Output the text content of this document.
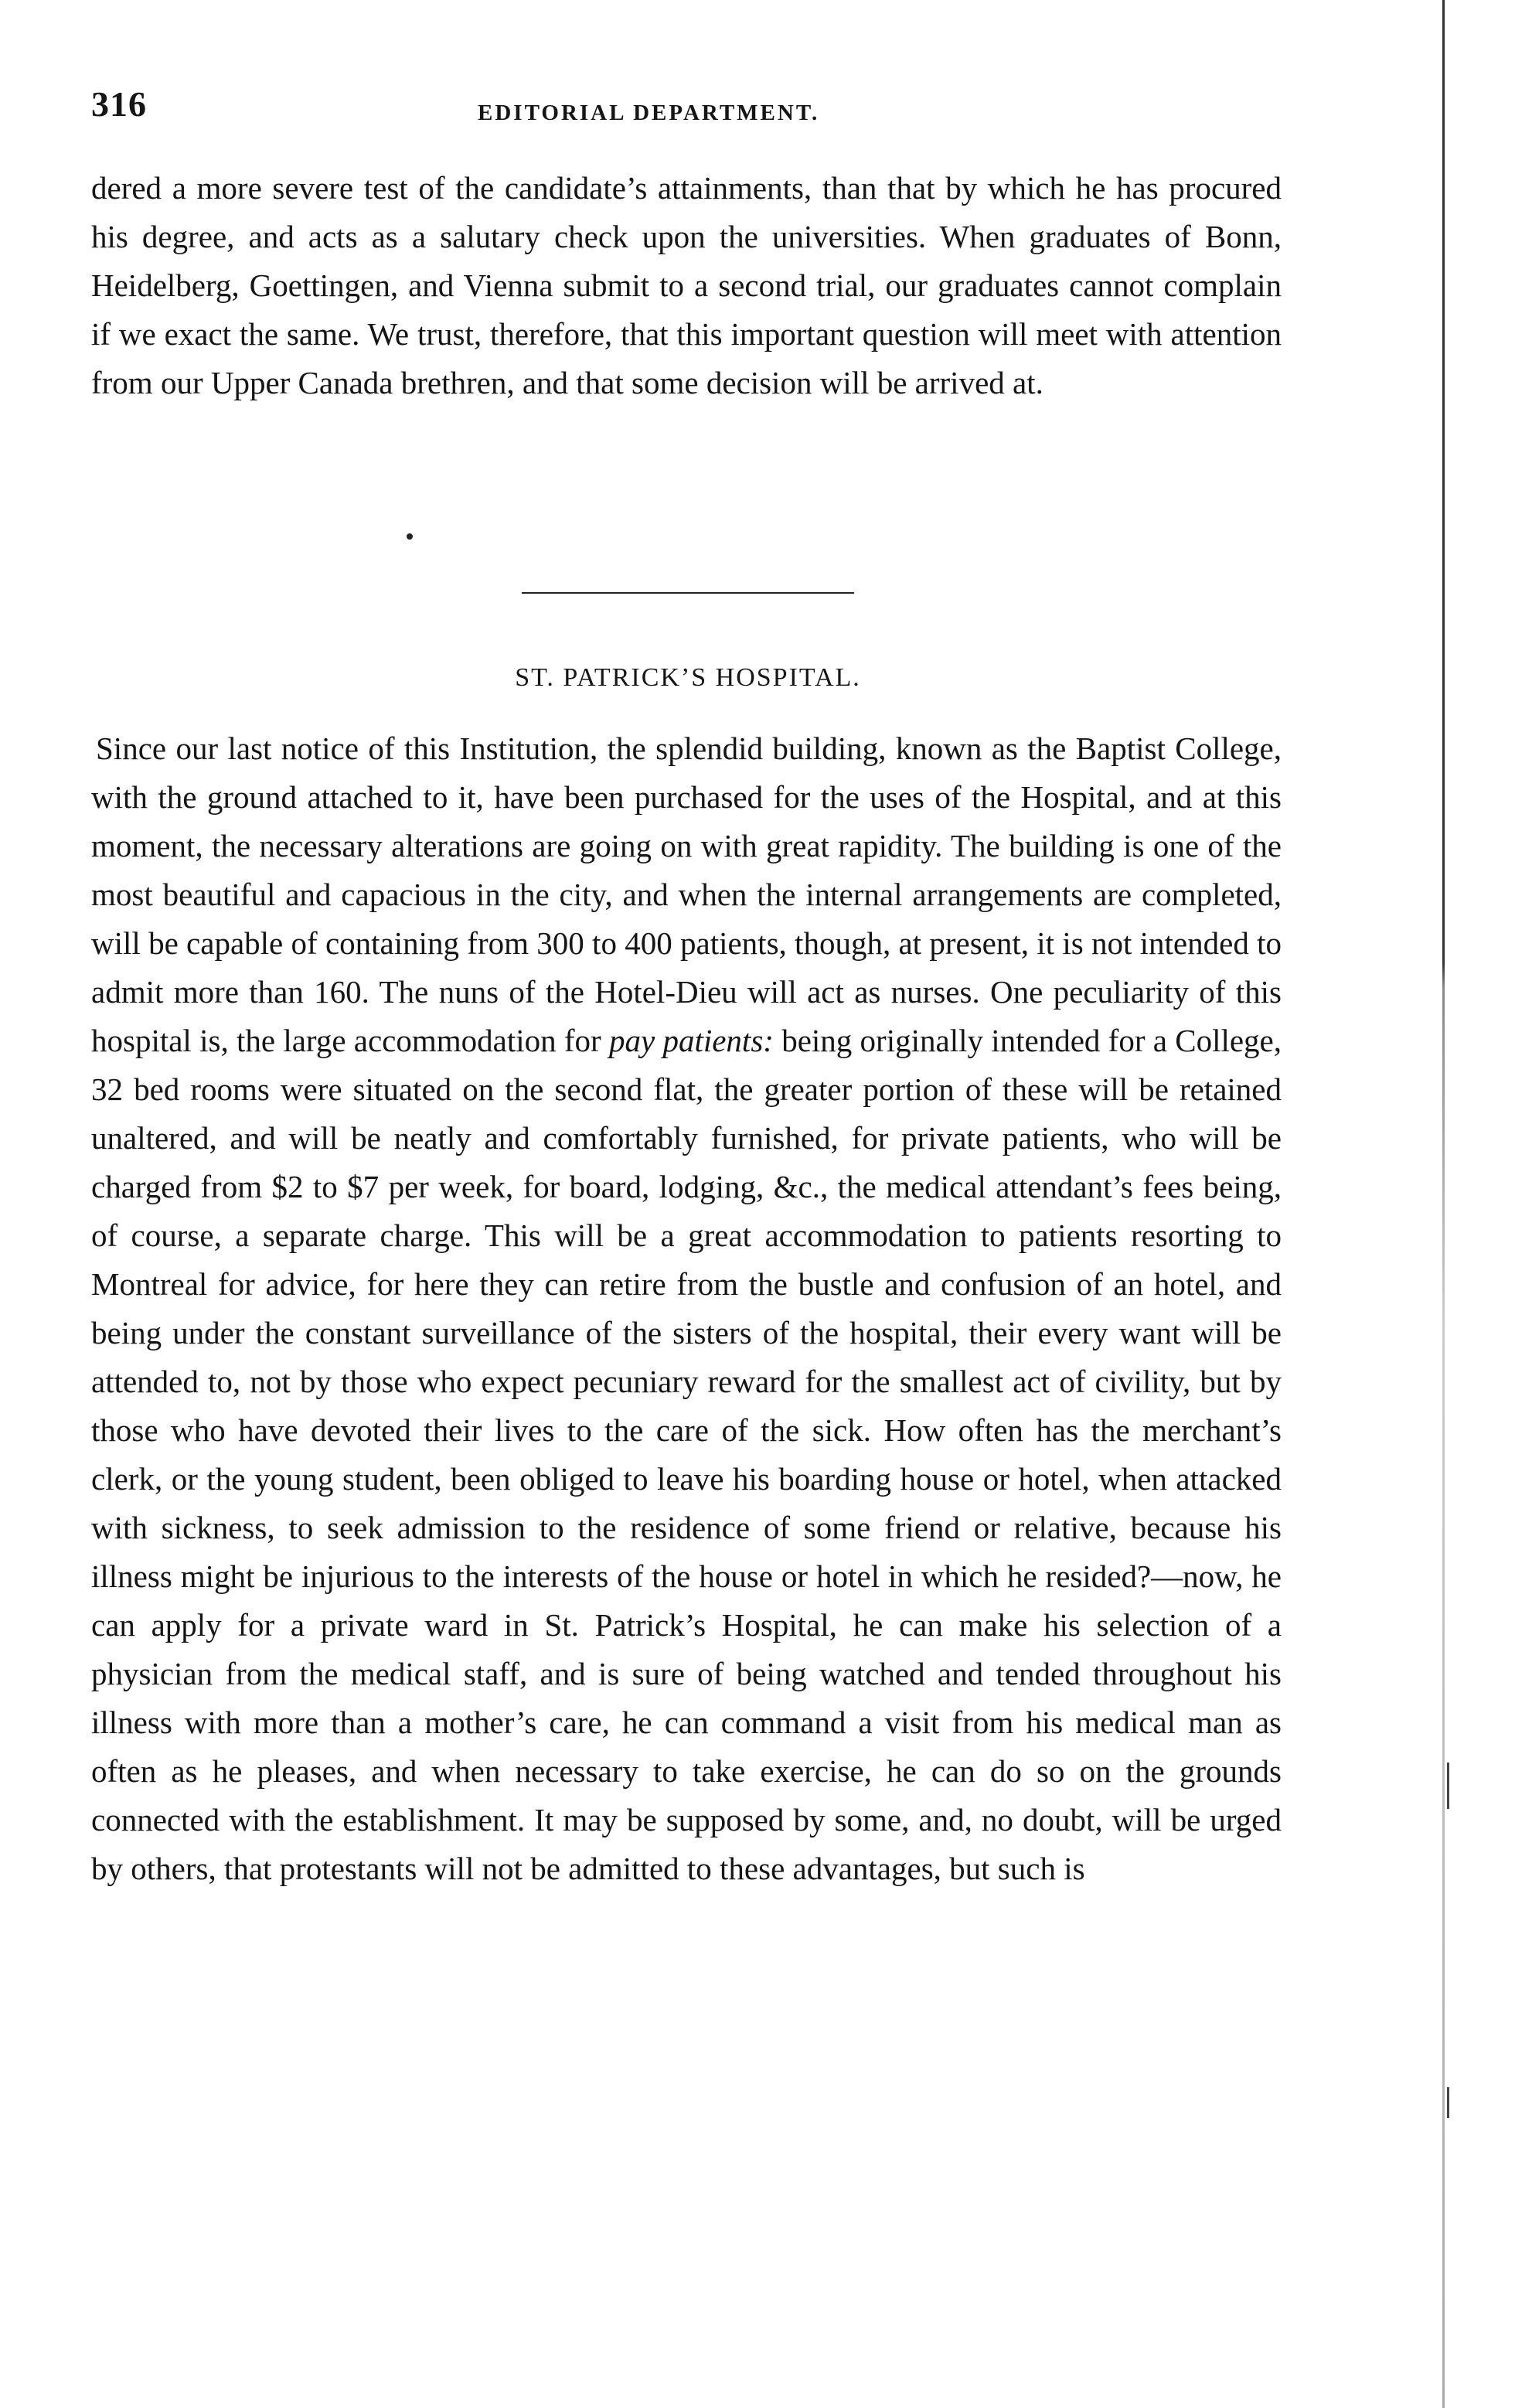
316	EDITORIAL DEPARTMENT.

dered a more severe test of the candidate’s attainments, than that by which he has procured his degree, and acts as a salutary check upon the universities. When graduates of Bonn, Heidelberg, Goettingen, and Vienna submit to a second trial, our graduates cannot complain if we exact the same. We trust, therefore, that this important question will meet with attention from our Upper Canada brethren, and that some decision will be arrived at.

ST. PATRICK’S HOSPITAL.

Since our last notice of this Institution, the splendid building, known as the Baptist College, with the ground attached to it, have been purchased for the uses of the Hospital, and at this moment, the necessary alterations are going on with great rapidity. The building is one of the most beautiful and capacious in the city, and when the internal arrangements are completed, will be capable of containing from 300 to 400 patients, though, at present, it is not intended to admit more than 160. The nuns of the Hotel-Dieu will act as nurses. One peculiarity of this hospital is, the large accommodation for pay patients: being originally intended for a College, 32 bed rooms were situated on the second flat, the greater portion of these will be retained unaltered, and will be neatly and comfortably furnished, for private patients, who will be charged from $2 to $7 per week, for board, lodging, &c., the medical attendant’s fees being, of course, a separate charge. This will be a great accommodation to patients resorting to Montreal for advice, for here they can retire from the bustle and confusion of an hotel, and being under the constant surveillance of the sisters of the hospital, their every want will be attended to, not by those who expect pecuniary reward for the smallest act of civility, but by those who have devoted their lives to the care of the sick. How often has the merchant’s clerk, or the young student, been obliged to leave his boarding house or hotel, when attacked with sickness, to seek admission to the residence of some friend or relative, because his illness might be injurious to the interests of the house or hotel in which he resided?—now, he can apply for a private ward in St. Patrick’s Hospital, he can make his selection of a physician from the medical staff, and is sure of being watched and tended throughout his illness with more than a mother’s care, he can command a visit from his medical man as often as he pleases, and when necessary to take exercise, he can do so on the grounds connected with the establishment. It may be supposed by some, and, no doubt, will be urged by others, that protestants will not be admitted to these advantages, but such is
